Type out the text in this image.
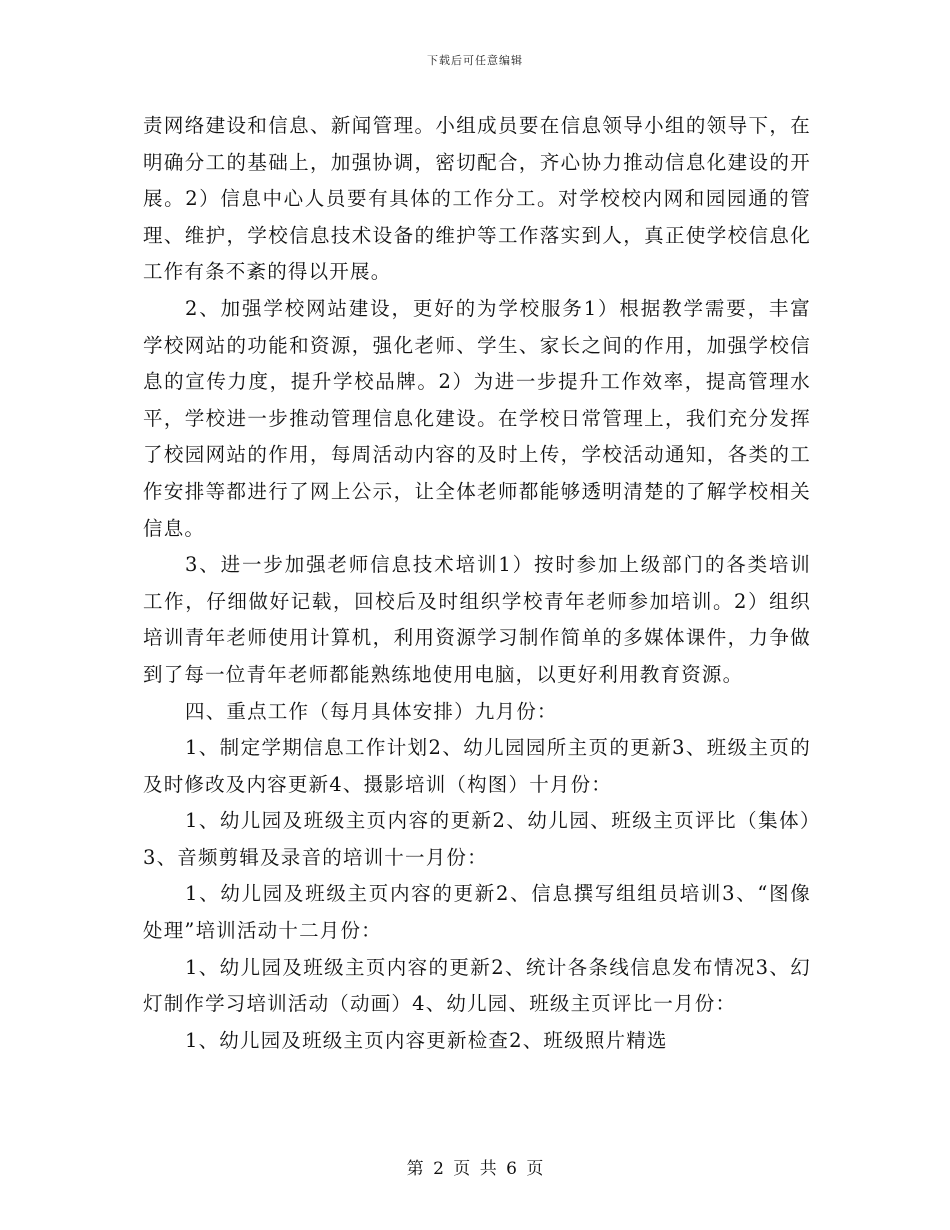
下载后可任意编辑

责网络建设和信息、新闻管理。小组成员要在信息领导小组的领导下，在明确分工的基础上，加强协调，密切配合，齐心协力推动信息化建设的开展。2）信息中心人员要有具体的工作分工。对学校校内网和园园通的管理、维护，学校信息技术设备的维护等工作落实到人，真正使学校信息化工作有条不紊的得以开展。

2、加强学校网站建设，更好的为学校服务1）根据教学需要，丰富学校网站的功能和资源，强化老师、学生、家长之间的作用，加强学校信息的宣传力度，提升学校品牌。2）为进一步提升工作效率，提高管理水平，学校进一步推动管理信息化建设。在学校日常管理上，我们充分发挥了校园网站的作用，每周活动内容的及时上传，学校活动通知，各类的工作安排等都进行了网上公示，让全体老师都能够透明清楚的了解学校相关信息。

3、进一步加强老师信息技术培训1）按时参加上级部门的各类培训工作，仔细做好记载，回校后及时组织学校青年老师参加培训。2）组织培训青年老师使用计算机，利用资源学习制作简单的多媒体课件，力争做到了每一位青年老师都能熟练地使用电脑，以更好利用教育资源。

四、重点工作（每月具体安排）九月份：

1、制定学期信息工作计划2、幼儿园园所主页的更新3、班级主页的及时修改及内容更新4、摄影培训（构图）十月份：

1、幼儿园及班级主页内容的更新2、幼儿园、班级主页评比（集体）3、音频剪辑及录音的培训十一月份：

1、幼儿园及班级主页内容的更新2、信息撰写组组员培训3、“图像处理”培训活动十二月份：

1、幼儿园及班级主页内容的更新2、统计各条线信息发布情况3、幻灯制作学习培训活动（动画）4、幼儿园、班级主页评比一月份：

1、幼儿园及班级主页内容更新检查2、班级照片精选

第 2 页 共 6 页
